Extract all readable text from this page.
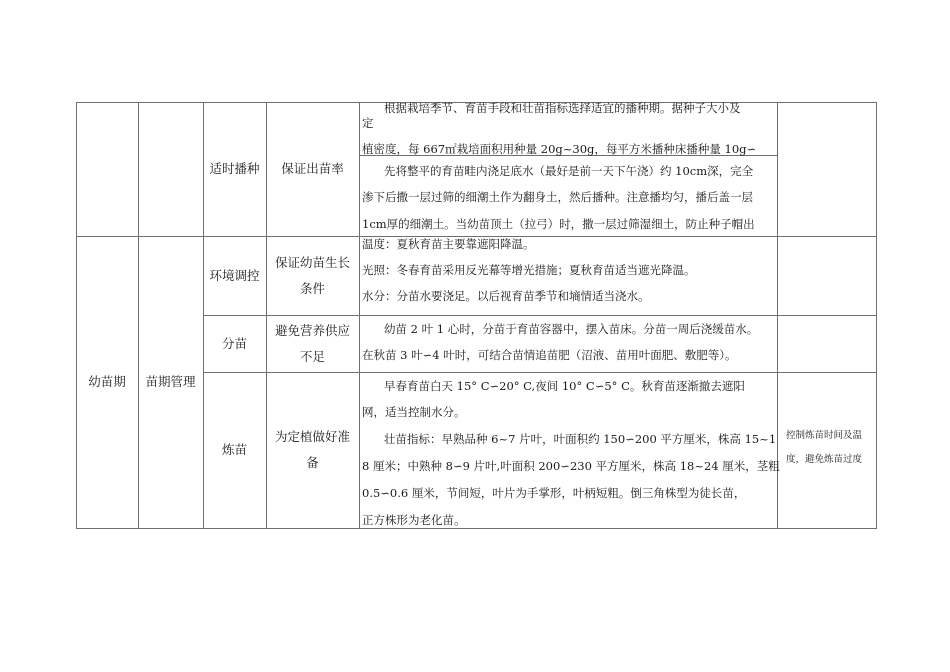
适时播种	保证出苗率
根据栽培季节、育苗手段和壮苗指标选择适宜的播种期。据种子大小及
定
植密度，每 667㎡栽培面积用种量 20g~30g，每平方米播种床播种量 10g∽
先将整平的育苗畦内浇足底水（最好是前一天下午浇）约 10cm深，完全
渗下后撒一层过筛的细潮土作为翻身土，然后播种。注意播均匀，播后盖一层
1cm厚的细潮土。当幼苗顶土（拉弓）时，撒一层过筛湿细土，防止种子帽出
幼苗期	苗期管理
环境调控
保证幼苗生长条件
温度：夏秋育苗主要靠遮阳降温。
光照：冬春育苗采用反光幕等增光措施；夏秋育苗适当遮光降温。
水分：分苗水要浇足。以后视育苗季节和墒情适当浇水。
分苗
避免营养供应不足
幼苗 2 叶 1 心时，分苗于育苗容器中，摆入苗床。分苗一周后浇缓苗水。
在秋苗 3 叶∽4 叶时，可结合苗情追苗肥（沼液、苗用叶面肥、敷肥等）。
炼苗
为定植做好准备
早春育苗白天 15° C∽20° C,夜间 10° C∽5° C。秋育苗逐渐撤去遮阳
网，适当控制水分。
壮苗指标：早熟品种 6~7 片叶，叶面积约 150∽200 平方厘米，株高 15~1
8 厘米；中熟种 8∽9 片叶,叶面积 200∽230 平方厘米，株高 18~24 厘米，茎粗
0.5∽0.6 厘米，节间短，叶片为手掌形，叶柄短粗。倒三角株型为徒长苗，
正方株形为老化苗。
控制炼苗时间及温度，避免炼苗过度
